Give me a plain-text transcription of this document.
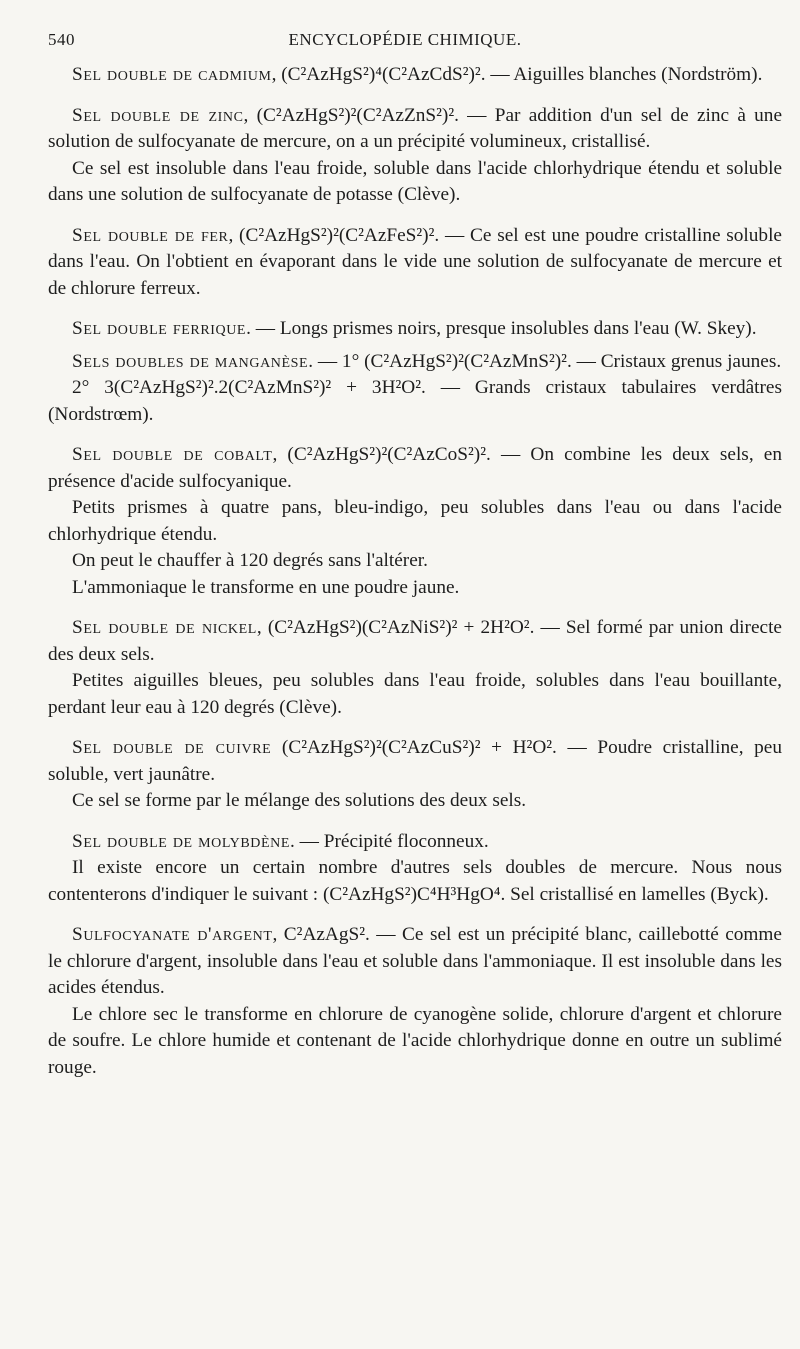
540	ENCYCLOPÉDIE CHIMIQUE.

Sel double de cadmium, (C²AzHgS²)⁴(C²AzCdS²)². — Aiguilles blanches (Nordström).

Sel double de zinc, (C²AzHgS²)²(C²AzZnS²)². — Par addition d'un sel de zinc à une solution de sulfocyanate de mercure, on a un précipité volumineux, cristallisé.

Ce sel est insoluble dans l'eau froide, soluble dans l'acide chlorhydrique étendu et soluble dans une solution de sulfocyanate de potasse (Clève).

Sel double de fer, (C²AzHgS²)²(C²AzFeS²)². — Ce sel est une poudre cristalline soluble dans l'eau. On l'obtient en évaporant dans le vide une solution de sulfocyanate de mercure et de chlorure ferreux.

Sel double ferrique. — Longs prismes noirs, presque insolubles dans l'eau (W. Skey).

Sels doubles de manganèse. — 1° (C²AzHgS²)²(C²AzMnS²)². — Cristaux grenus jaunes.

2° 3(C²AzHgS²)².2(C²AzMnS²)² + 3H²O². — Grands cristaux tabulaires verdâtres (Nordstrœm).

Sel double de cobalt, (C²AzHgS²)²(C²AzCoS²)². — On combine les deux sels, en présence d'acide sulfocyanique.

Petits prismes à quatre pans, bleu-indigo, peu solubles dans l'eau ou dans l'acide chlorhydrique étendu.

On peut le chauffer à 120 degrés sans l'altérer.

L'ammoniaque le transforme en une poudre jaune.

Sel double de nickel, (C²AzHgS²)(C²AzNiS²)² + 2H²O². — Sel formé par union directe des deux sels.

Petites aiguilles bleues, peu solubles dans l'eau froide, solubles dans l'eau bouillante, perdant leur eau à 120 degrés (Clève).

Sel double de cuivre (C²AzHgS²)²(C²AzCuS²)² + H²O². — Poudre cristalline, peu soluble, vert jaunâtre.

Ce sel se forme par le mélange des solutions des deux sels.

Sel double de molybdène. — Précipité floconneux.

Il existe encore un certain nombre d'autres sels doubles de mercure. Nous nous contenterons d'indiquer le suivant : (C²AzHgS²)C⁴H³HgO⁴. Sel cristallisé en lamelles (Byck).

Sulfocyanate d'argent, C²AzAgS². — Ce sel est un précipité blanc, caillebotté comme le chlorure d'argent, insoluble dans l'eau et soluble dans l'ammoniaque. Il est insoluble dans les acides étendus.

Le chlore sec le transforme en chlorure de cyanogène solide, chlorure d'argent et chlorure de soufre. Le chlore humide et contenant de l'acide chlorhydrique donne en outre un sublimé rouge.
